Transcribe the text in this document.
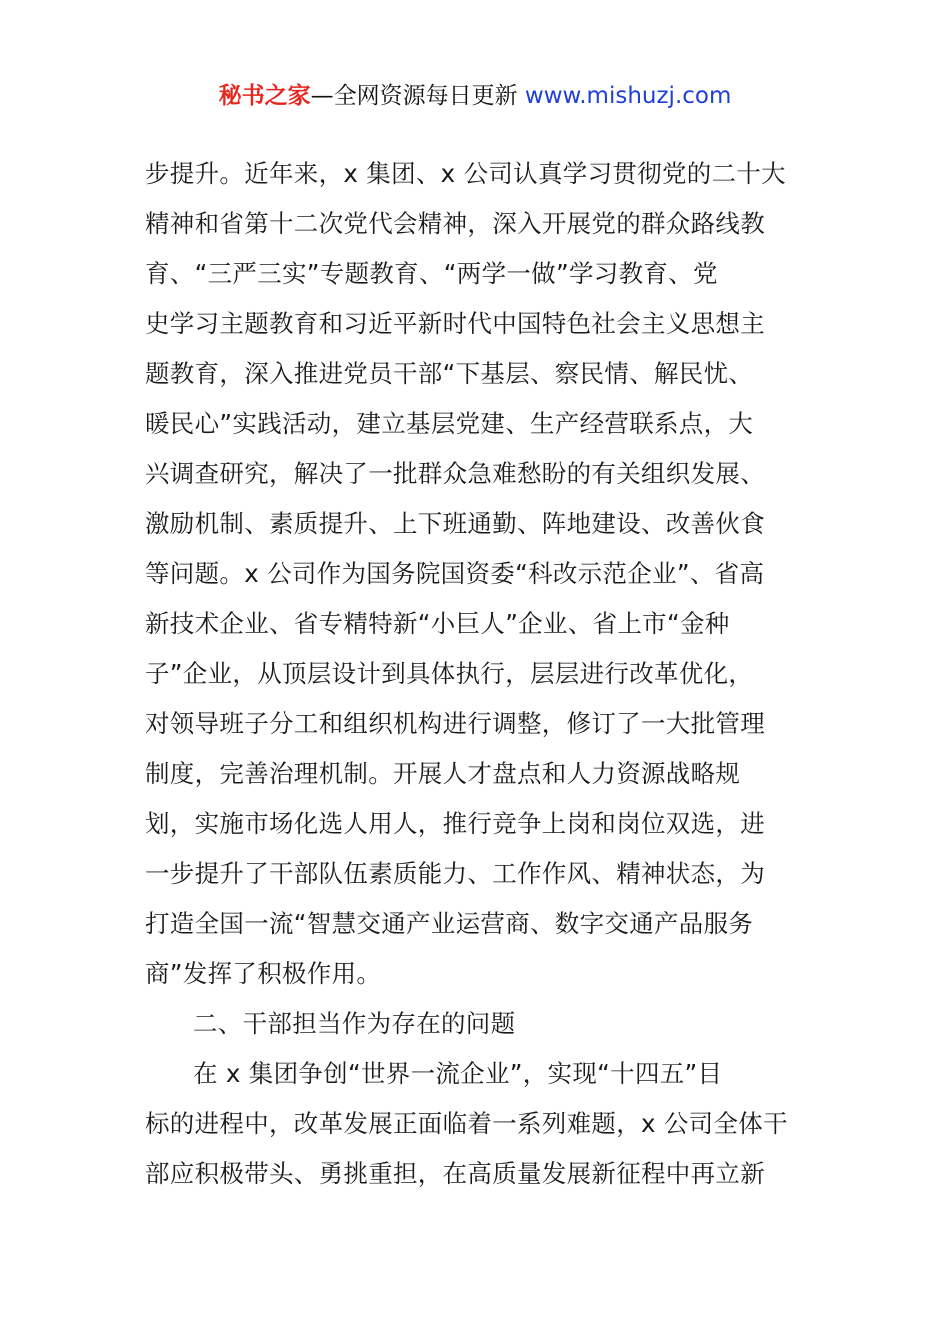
秘书之家—全网资源每日更新 www.mishuzj.com
步提升。近年来，x 集团、x 公司认真学习贯彻党的二十大
精神和省第十二次党代会精神，深入开展党的群众路线教
育、“三严三实”专题教育、“两学一做”学习教育、党
史学习主题教育和习近平新时代中国特色社会主义思想主
题教育，深入推进党员干部“下基层、察民情、解民忧、
暖民心”实践活动，建立基层党建、生产经营联系点，大
兴调查研究，解决了一批群众急难愁盼的有关组织发展、
激励机制、素质提升、上下班通勤、阵地建设、改善伙食
等问题。x 公司作为国务院国资委“科改示范企业”、省高
新技术企业、省专精特新“小巨人”企业、省上市“金种
子”企业，从顶层设计到具体执行，层层进行改革优化，
对领导班子分工和组织机构进行调整，修订了一大批管理
制度，完善治理机制。开展人才盘点和人力资源战略规
划，实施市场化选人用人，推行竞争上岗和岗位双选，进
一步提升了干部队伍素质能力、工作作风、精神状态，为
打造全国一流“智慧交通产业运营商、数字交通产品服务
商”发挥了积极作用。
二、干部担当作为存在的问题
在 x 集团争创“世界一流企业”，实现“十四五”目
标的进程中，改革发展正面临着一系列难题，x 公司全体干
部应积极带头、勇挑重担，在高质量发展新征程中再立新
